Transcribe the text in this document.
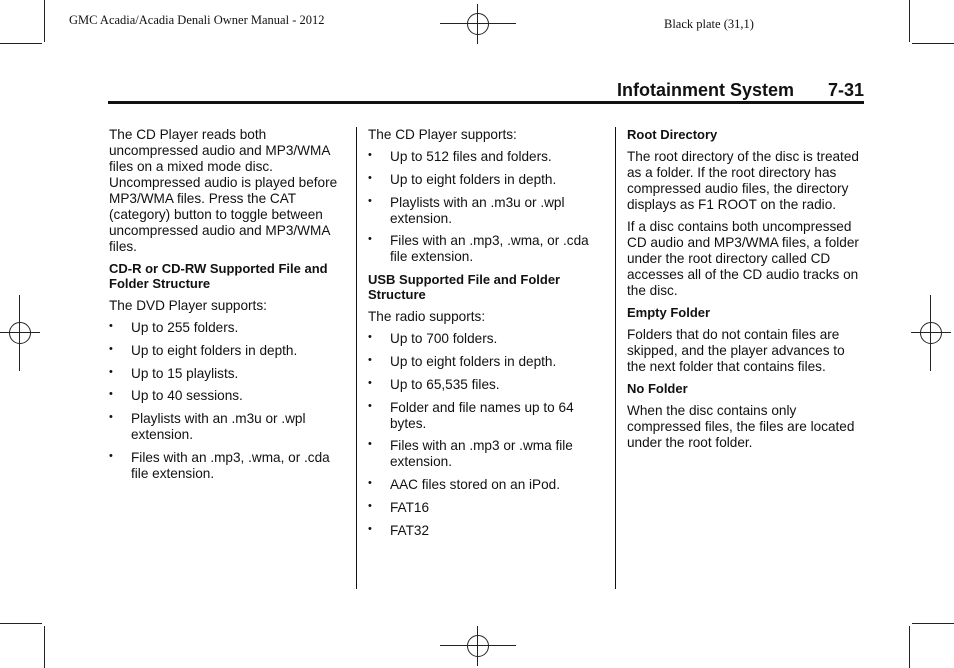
GMC Acadia/Acadia Denali Owner Manual - 2012	Black plate (31,1)
Infotainment System 7-31

The CD Player reads both uncompressed audio and MP3/WMA files on a mixed mode disc. Uncompressed audio is played before MP3/WMA files. Press the CAT (category) button to toggle between uncompressed audio and MP3/WMA files.

CD-R or CD-RW Supported File and Folder Structure

The DVD Player supports:

• Up to 255 folders.
• Up to eight folders in depth.
• Up to 15 playlists.
• Up to 40 sessions.
• Playlists with an .m3u or .wpl extension.
• Files with an .mp3, .wma, or .cda file extension.

The CD Player supports:

• Up to 512 files and folders.
• Up to eight folders in depth.
• Playlists with an .m3u or .wpl extension.
• Files with an .mp3, .wma, or .cda file extension.
USB Supported File and Folder Structure

The radio supports:

• Up to 700 folders.
• Up to eight folders in depth.
• Up to 65,535 files.
• Folder and file names up to 64 bytes.
• Files with an .mp3 or .wma file extension.
• AAC files stored on an iPod.
• FAT16
• FAT32
Root Directory

The root directory of the disc is treated as a folder. If the root directory has compressed audio files, the directory displays as F1 ROOT on the radio.

If a disc contains both uncompressed CD audio and MP3/WMA files, a folder under the root directory called CD accesses all of the CD audio tracks on the disc.

Empty Folder

Folders that do not contain files are skipped, and the player advances to the next folder that contains files.

No Folder

When the disc contains only compressed files, the files are located under the root folder.
